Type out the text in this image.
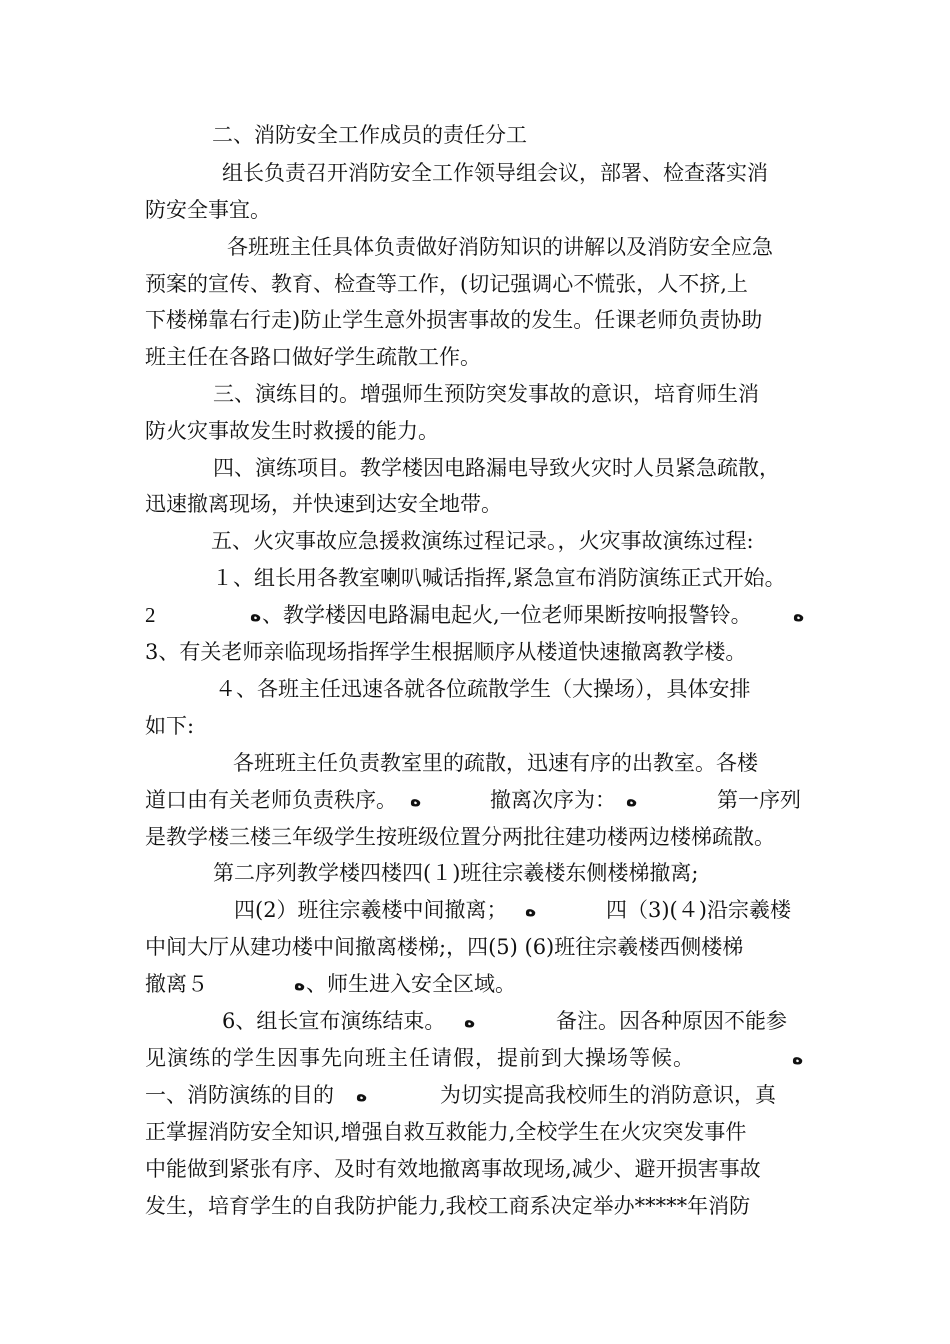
二、消防安全工作成员的责任分工
组长负责召开消防安全工作领导组会议，部署、检查落实消
防安全事宜。
各班班主任具体负责做好消防知识的讲解以及消防安全应急
预案的宣传、教育、检查等工作，(切记强调心不慌张，人不挤,上
下楼梯靠右行走)防止学生意外损害事故的发生。任课老师负责协助
班主任在各路口做好学生疏散工作。
三、演练目的。增强师生预防突发事故的意识，培育师生消
防火灾事故发生时救援的能力。
四、演练项目。教学楼因电路漏电导致火灾时人员紧急疏散，
迅速撤离现场，并快速到达安全地带。
五、火灾事故应急援救演练过程记录。，火灾事故演练过程:
１、组长用各教室喇叭喊话指挥,紧急宣布消防演练正式开始。
2	ﻩ 、教学楼因电路漏电起火,一位老师果断按响报警铃。 ﻩ
3、有关老师亲临现场指挥学生根据顺序从楼道快速撤离教学楼。
４、各班主任迅速各就各位疏散学生（大操场），具体安排
如下:
各班班主任负责教室里的疏散，迅速有序的出教室。各楼
道口由有关老师负责秩序。 ﻩ	撤离次序为： ﻩ	第一序列
是教学楼三楼三年级学生按班级位置分两批往建功楼两边楼梯疏散。
第二序列教学楼四楼四(１)班往宗羲楼东侧楼梯撤离;
四(2）班往宗羲楼中间撤离； ﻩ	四（3)(４)沿宗羲楼
中间大厅从建功楼中间撤离楼梯;，四(5) (6)班往宗羲楼西侧楼梯
撤离５	ﻩ 、师生进入安全区域。
6、组长宣布演练结束。 ﻩ	备注。因各种原因不能参
见演练的学生因事先向班主任请假，提前到大操场等候。	ﻩ
一、消防演练的目的 ﻩ	为切实提高我校师生的消防意识，真
正掌握消防安全知识,增强自救互救能力,全校学生在火灾突发事件
中能做到紧张有序、及时有效地撤离事故现场,减少、避开损害事故
发生，培育学生的自我防护能力,我校工商系决定举办*****年消防
